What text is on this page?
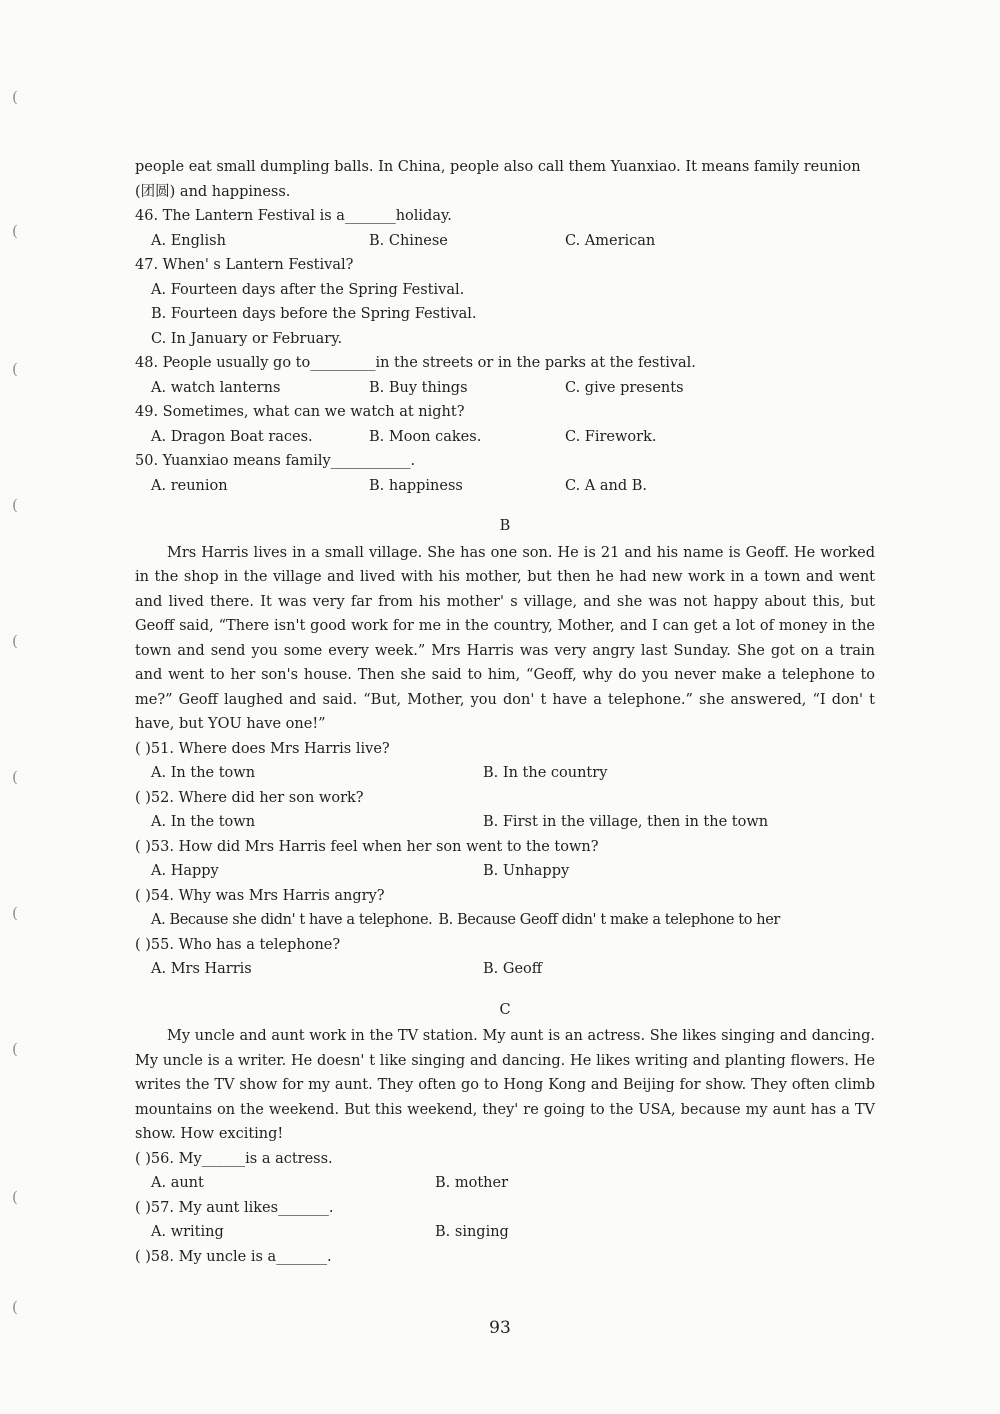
(
(
(
(
(
(
(
(
(
(
people eat small dumpling balls. In China, people also call them Yuanxiao. It means family reunion
(团圆) and happiness.
46. The Lantern Festival is a_______holiday.
A. English	B. Chinese	C. American
47. When' s Lantern Festival?
A. Fourteen days after the Spring Festival.
B. Fourteen days before the Spring Festival.
C. In January or February.
48. People usually go to_________in the streets or in the parks at the festival.
A. watch lanterns	B. Buy things	C. give presents
49. Sometimes, what can we watch at night?
A. Dragon Boat races.	B. Moon cakes.	C. Firework.
50. Yuanxiao means family___________.
A. reunion	B. happiness	C. A and B.
B
Mrs Harris lives in a small village. She has one son. He is 21 and his name is Geoff. He worked in the shop in the village and lived with his mother, but then he had new work in a town and went and lived there. It was very far from his mother' s village, and she was not happy about this, but Geoff said, “There isn't good work for me in the country, Mother, and I can get a lot of money in the town and send you some every week.” Mrs Harris was very angry last Sunday. She got on a train and went to her son's house. Then she said to him, “Geoff, why do you never make a telephone to me?” Geoff laughed and said. “But, Mother, you don' t have a telephone.” she answered, “I don' t have, but YOU have one!”
( )51. Where does Mrs Harris live?
A. In the town	B. In the country
( )52. Where did her son work?
A. In the town	B. First in the village, then in the town
( )53. How did Mrs Harris feel when her son went to the town?
A. Happy	B. Unhappy
( )54. Why was Mrs Harris angry?
A. Because she didn' t have a telephone. B. Because Geoff didn' t make a telephone to her
( )55. Who has a telephone?
A. Mrs Harris	B. Geoff
C
My uncle and aunt work in the TV station. My aunt is an actress. She likes singing and dancing. My uncle is a writer. He doesn' t like singing and dancing. He likes writing and planting flowers. He writes the TV show for my aunt. They often go to Hong Kong and Beijing for show. They often climb mountains on the weekend. But this weekend, they' re going to the USA, because my aunt has a TV show. How exciting!
( )56. My______is a actress.
A. aunt	B. mother
( )57. My aunt likes_______.
A. writing	B. singing
( )58. My uncle is a_______.
93
